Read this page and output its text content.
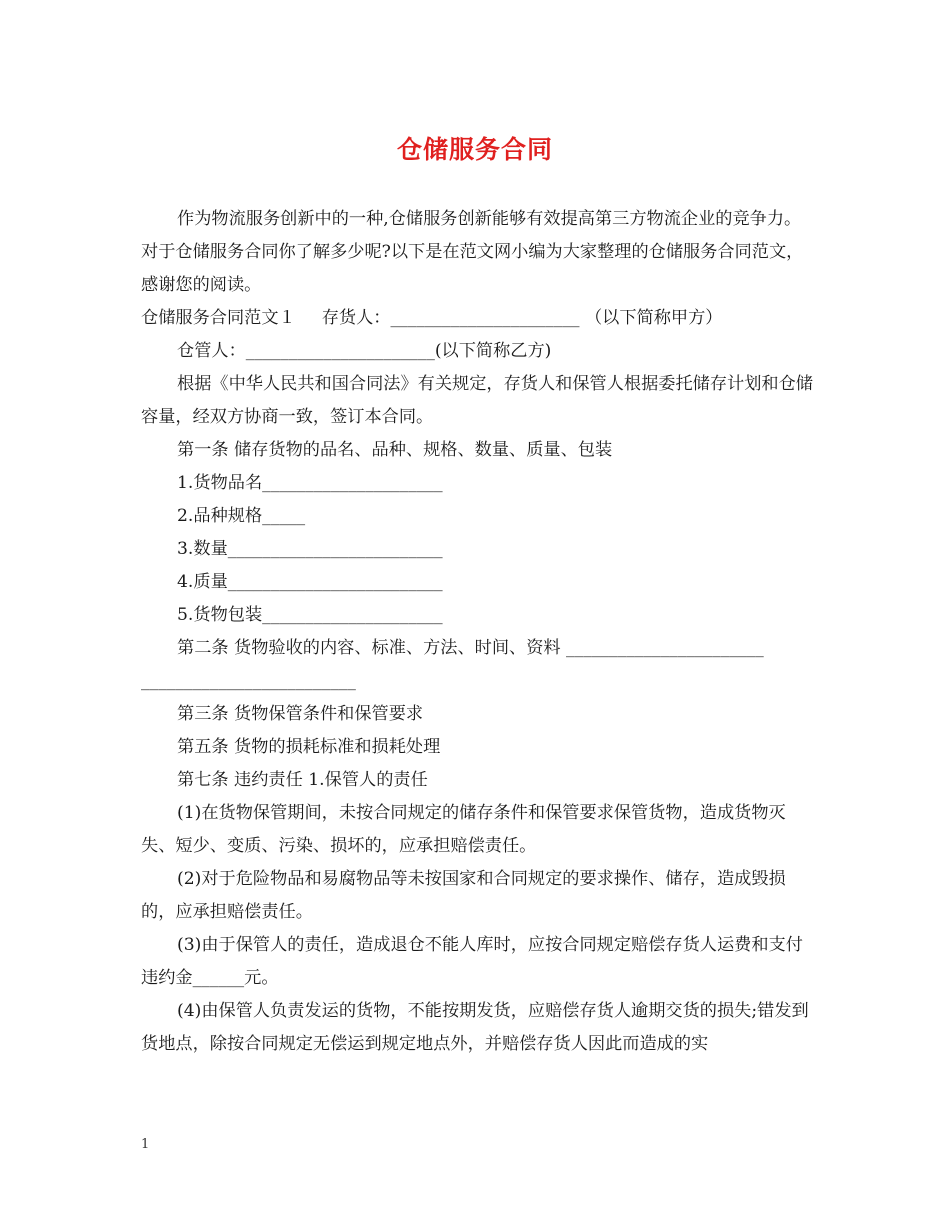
仓储服务合同

作为物流服务创新中的一种,仓储服务创新能够有效提高第三方物流企业的竞争力。对于仓储服务合同你了解多少呢?以下是在范文网小编为大家整理的仓储服务合同范文，感谢您的阅读。

仓储服务合同范文１ 存货人：______________________ （以下简称甲方）

仓管人：______________________(以下简称乙方)

根据《中华人民共和国合同法》有关规定，存货人和保管人根据委托储存计划和仓储容量，经双方协商一致，签订本合同。

第一条 储存货物的品名、品种、规格、数量、质量、包装

1.货物品名_____________________

2.品种规格_____

3.数量_________________________

4.质量_________________________

5.货物包装_____________________

第二条 货物验收的内容、标准、方法、时间、资料 _______________________

_________________________

第三条 货物保管条件和保管要求

第五条 货物的损耗标准和损耗处理

第七条 违约责任 1.保管人的责任

(1)在货物保管期间，未按合同规定的储存条件和保管要求保管货物，造成货物灭失、短少、变质、污染、损坏的，应承担赔偿责任。

(2)对于危险物品和易腐物品等未按国家和合同规定的要求操作、储存，造成毁损的，应承担赔偿责任。

(3)由于保管人的责任，造成退仓不能人库时，应按合同规定赔偿存货人运费和支付违约金______元。

(4)由保管人负责发运的货物，不能按期发货，应赔偿存货人逾期交货的损失;错发到货地点，除按合同规定无偿运到规定地点外，并赔偿存货人因此而造成的实

1
